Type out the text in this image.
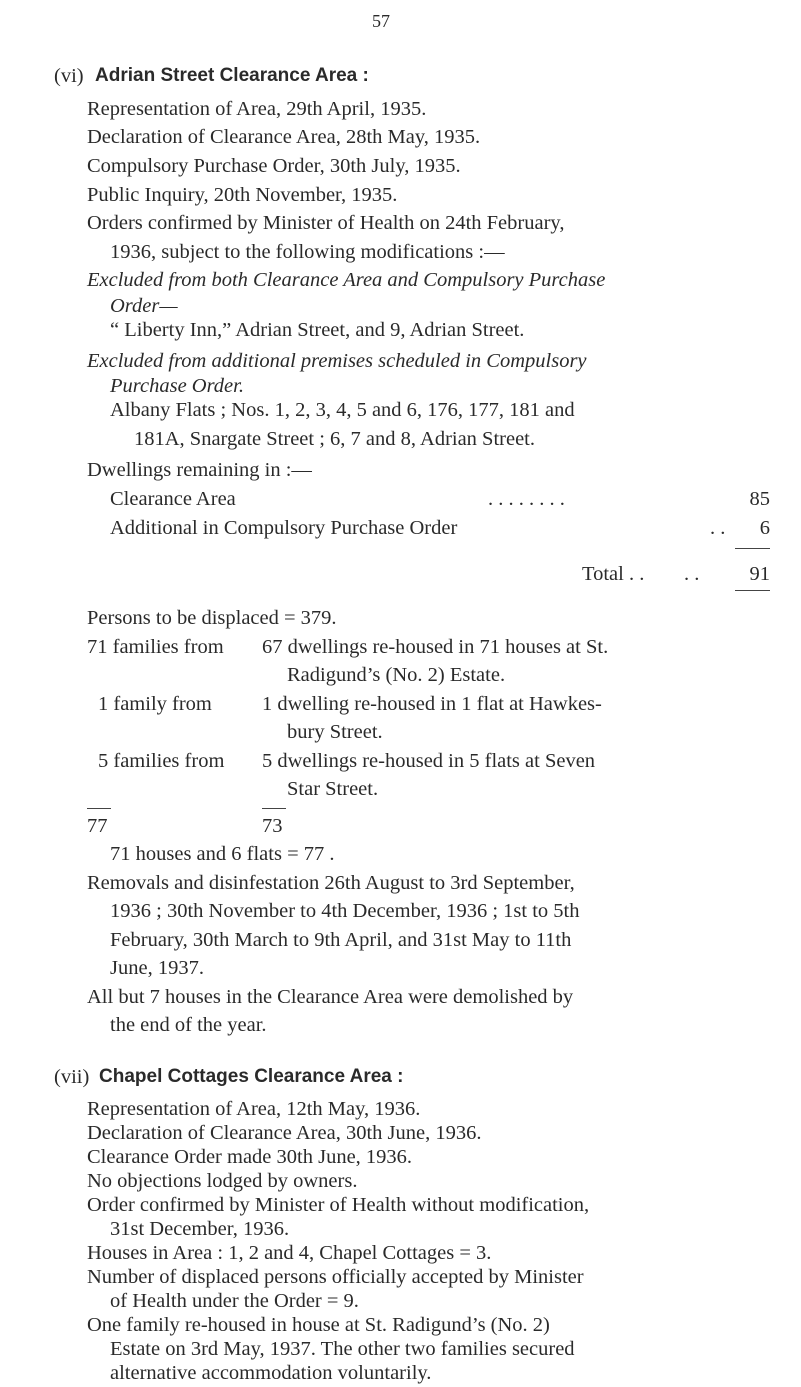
57
(vi) Adrian Street Clearance Area :
Representation of Area, 29th April, 1935.
Declaration of Clearance Area, 28th May, 1935.
Compulsory Purchase Order, 30th July, 1935.
Public Inquiry, 20th November, 1935.
Orders confirmed by Minister of Health on 24th February,
1936, subject to the following modifications :—
Excluded from both Clearance Area and Compulsory Purchase
Order—
“ Liberty Inn,” Adrian Street, and 9, Adrian Street.
Excluded from additional premises scheduled in Compulsory
Purchase Order.
Albany Flats ; Nos. 1, 2, 3, 4, 5 and 6, 176, 177, 181 and
181A, Snargate Street ; 6, 7 and 8, Adrian Street.
Dwellings remaining in :—
Clearance Area	. . . . . . . .	85
Additional in Compulsory Purchase Order	. .	6
Total . . . .	91
Persons to be displaced = 379.
71 families from 67 dwellings re-housed in 71 houses at St.
Radigund’s (No. 2) Estate.
1 family from 1 dwelling re-housed in 1 flat at Hawkes-
bury Street.
5 families from 5 dwellings re-housed in 5 flats at Seven
Star Street.
77	73
71 houses and 6 flats = 77 .
Removals and disinfestation 26th August to 3rd September,
1936 ; 30th November to 4th December, 1936 ; 1st to 5th
February, 30th March to 9th April, and 31st May to 11th
June, 1937.
All but 7 houses in the Clearance Area were demolished by
the end of the year.
(vii) Chapel Cottages Clearance Area :
Representation of Area, 12th May, 1936.
Declaration of Clearance Area, 30th June, 1936.
Clearance Order made 30th June, 1936.
No objections lodged by owners.
Order confirmed by Minister of Health without modification,
31st December, 1936.
Houses in Area : 1, 2 and 4, Chapel Cottages = 3.
Number of displaced persons officially accepted by Minister
of Health under the Order = 9.
One family re-housed in house at St. Radigund’s (No. 2)
Estate on 3rd May, 1937. The other two families secured
alternative accommodation voluntarily.
